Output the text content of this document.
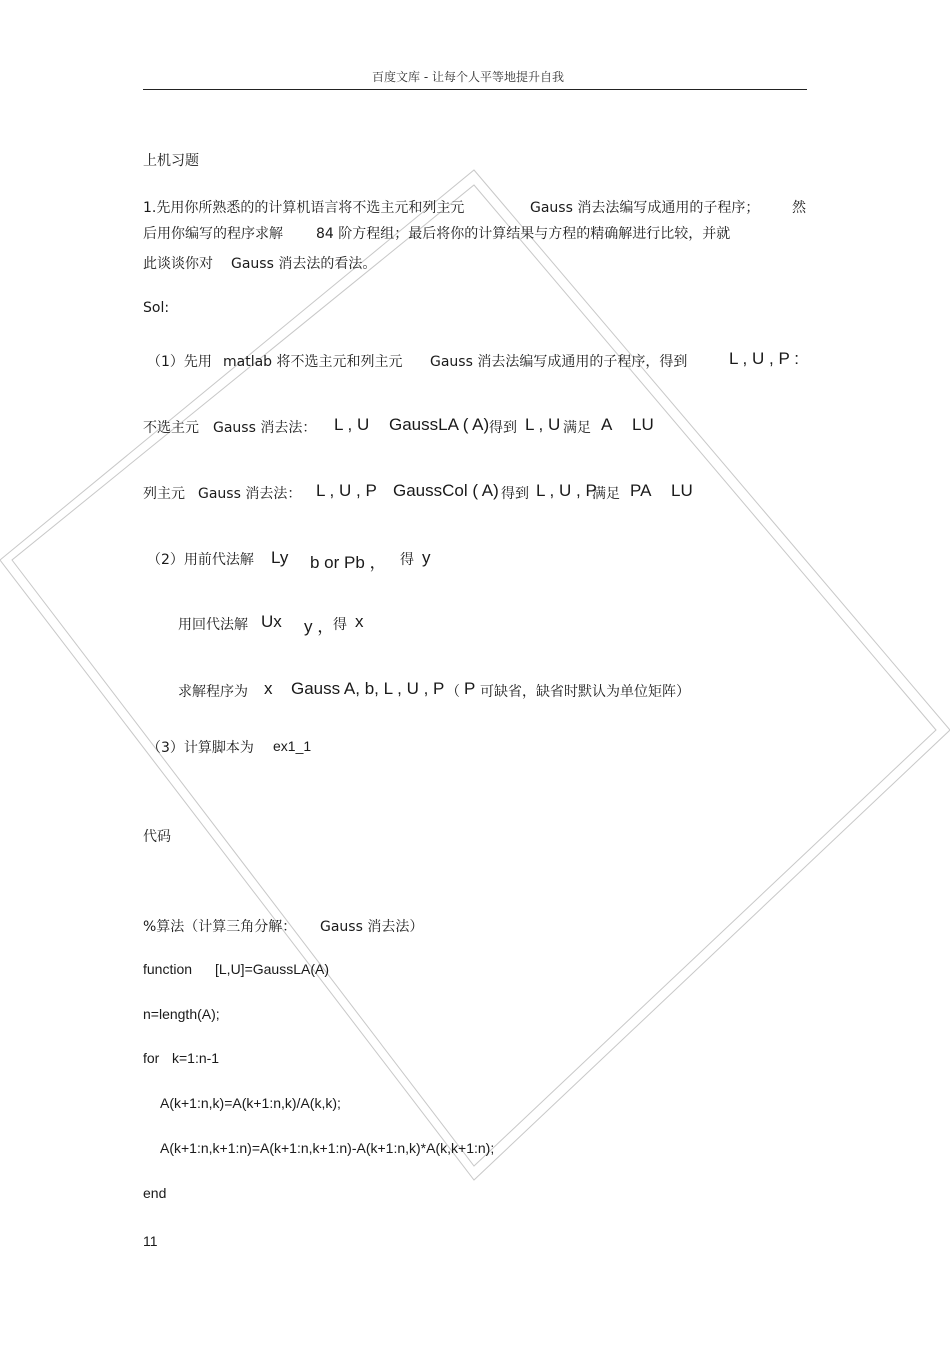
百度文库 - 让每个人平等地提升自我
上机习题
1.先用你所熟悉的的计算机语言将不选主元和列主元	Gauss 消去法编写成通用的子程序； 然
后用你编写的程序求解 84 阶方程组；最后将你的计算结果与方程的精确解进行比较，并就
此谈谈你对 Gauss 消去法的看法。
Sol:
（1）先用 matlab 将不选主元和列主元 Gauss 消去法编写成通用的子程序，得到 L , U , P :
不选主元 Gauss 消去法： L , U GaussLA ( A) 得到 L , U 满足 A LU
列主元 Gauss 消去法： L , U , P GaussCol ( A) 得到 L , U , P
满足 PA LU
（2）用前代法解 Ly b or Pb ， 得 y
用回代法解 Ux y ，
得 x
求解程序为 x Gauss A, b, L , U , P （ P 可缺省，缺省时默认为单位矩阵）
（3）计算脚本为 ex1_1
代码
%算法（计算三角分解： Gauss 消去法）
function [L,U]=GaussLA(A)
n=length(A);
for k=1:n-1
A(k+1:n,k)=A(k+1:n,k)/A(k,k);
A(k+1:n,k+1:n)=A(k+1:n,k+1:n)-A(k+1:n,k)*A(k,k+1:n);
end
11
